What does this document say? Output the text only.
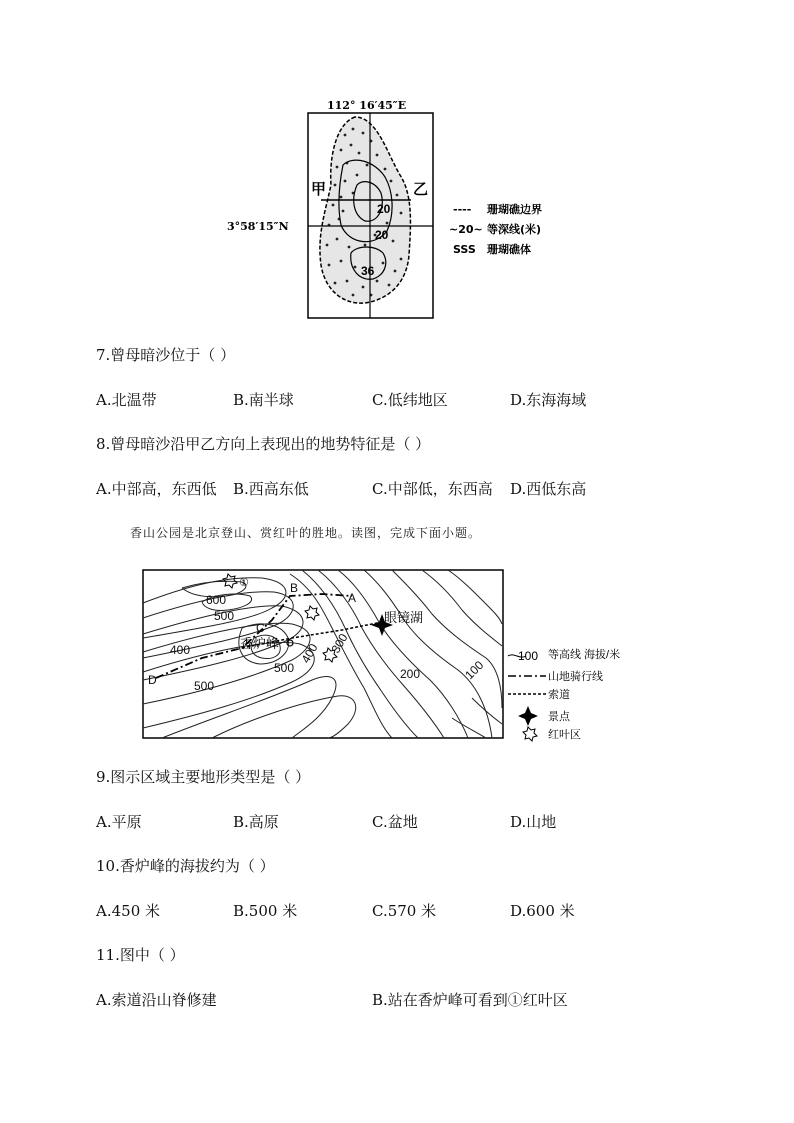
112° 16′45″E
3°58′15″N
甲	乙
20
20
36
---- 珊瑚礁边界
~20~ 等深线(米)
SSS 珊瑚礁体
7.曾母暗沙位于（ ）
A.北温带	B.南半球	C.低纬地区	D.东海海域
8.曾母暗沙沿甲乙方向上表现出的地势特征是（ ）
A.中部高，东西低 B.西高东低	C.中部低，东西高 D.西低东高
香山公园是北京登山、赏红叶的胜地。读图，完成下面小题。
①
600
500
400
500
500
400 300
200	100
A
B
C
D
香炉峰
眼镜湖
100 等高线 海拔/米
山地骑行线
索道
景点
红叶区
9.图示区域主要地形类型是（ ）
A.平原	B.高原	C.盆地	D.山地
10.香炉峰的海拔约为（ ）
A.450 米	B.500 米	C.570 米	D.600 米
11.图中（ ）
A.索道沿山脊修建	B.站在香炉峰可看到①红叶区
